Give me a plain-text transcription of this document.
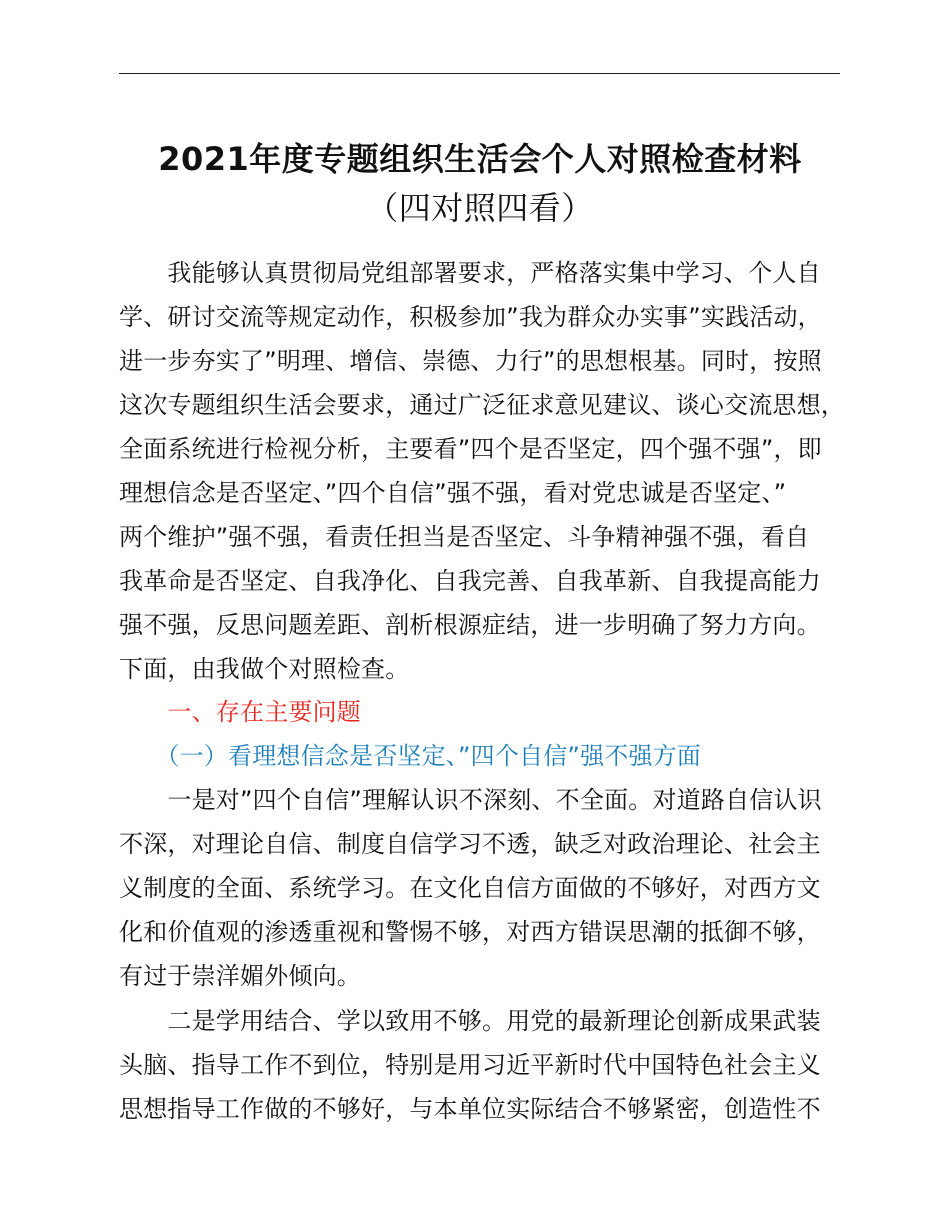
2021年度专题组织生活会个人对照检查材料
（四对照四看）
　　我能够认真贯彻局党组部署要求，严格落实集中学习、个人自
学、研讨交流等规定动作，积极参加”我为群众办实事”实践活动，
进一步夯实了”明理、增信、崇德、力行”的思想根基。同时，按照
这次专题组织生活会要求，通过广泛征求意见建议、谈心交流思想，
全面系统进行检视分析，主要看”四个是否坚定，四个强不强”，即
理想信念是否坚定、”四个自信”强不强，看对党忠诚是否坚定、”
两个维护”强不强，看责任担当是否坚定、斗争精神强不强，看自
我革命是否坚定、自我净化、自我完善、自我革新、自我提高能力
强不强，反思问题差距、剖析根源症结，进一步明确了努力方向。
下面，由我做个对照检查。
　　一、存在主要问题
　　（一）看理想信念是否坚定、”四个自信”强不强方面
　　一是对”四个自信”理解认识不深刻、不全面。对道路自信认识
不深，对理论自信、制度自信学习不透，缺乏对政治理论、社会主
义制度的全面、系统学习。在文化自信方面做的不够好，对西方文
化和价值观的渗透重视和警惕不够，对西方错误思潮的抵御不够，
有过于崇洋媚外倾向。
　　二是学用结合、学以致用不够。用党的最新理论创新成果武装
头脑、指导工作不到位，特别是用习近平新时代中国特色社会主义
思想指导工作做的不够好，与本单位实际结合不够紧密，创造性不
